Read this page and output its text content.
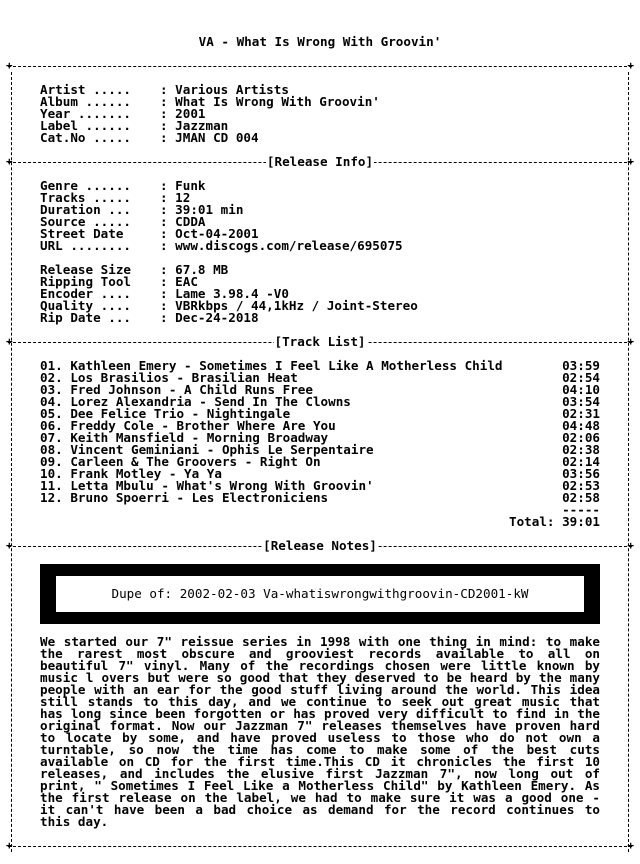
VA - What Is Wrong With Groovin'
+	+
Artist ..... : Various Artists
Album ...... : What Is Wrong With Groovin'
Year ....... : 2001
Label ...... : Jazzman
Cat.No ..... : JMAN CD 004
+	+
[Release Info]
Genre ...... : Funk
Tracks ..... : 12
Duration ... : 39:01 min
Source ..... : CDDA
Street Date	: Oct-04-2001
URL ........ : www.discogs.com/release/695075
Release Size : 67.8 MB
Ripping Tool : EAC
Encoder .... : Lame 3.98.4 -V0
Quality .... : VBRkbps / 44,1kHz / Joint-Stereo
Rip Date ... : Dec-24-2018
+	+
[Track List]
01. Kathleen Emery - Sometimes I Feel Like A Motherless Child	03:59
02. Los Brasilios - Brasilian Heat	02:54
03. Fred Johnson - A Child Runs Free	04:10
04. Lorez Alexandria - Send In The Clowns	03:54
05. Dee Felice Trio - Nightingale	02:31
06. Freddy Cole - Brother Where Are You	04:48
07. Keith Mansfield - Morning Broadway	02:06
08. Vincent Geminiani - Ophis Le Serpentaire	02:38
09. Carleen & The Groovers - Right On	02:14
10. Frank Motley - Ya Ya	03:56
11. Letta Mbulu - What's Wrong With Groovin'	02:53
12. Bruno Spoerri - Les Electroniciens	02:58
-----
Total: 39:01
+	+
[Release Notes]
Dupe of: 2002-02-03 Va-whatiswrongwithgroovin-CD2001-kW

We started our 7" reissue series in 1998 with one thing in mind: to make the rarest most obscure and grooviest records available to all on beautiful 7" vinyl. Many of the recordings chosen were little known by music l overs but were so good that they deserved to be heard by the many people with an ear for the good stuff living around the world. This idea still stands to this day, and we continue to seek out great music that has long since been forgotten or has proved very difficult to find in the original format. Now our Jazzman 7" releases themselves have proven hard to locate by some, and have proved useless to those who do not own a turntable, so now the time has come to make some of the best cuts available on CD for the first time.This CD it chronicles the first 10 releases, and includes the elusive first Jazzman 7", now long out of print, " Sometimes I Feel Like a Motherless Child" by Kathleen Emery. As the first release on the label, we had to make sure it was a good one - it can't have been a bad choice as demand for the record continues to this day.

+	+
